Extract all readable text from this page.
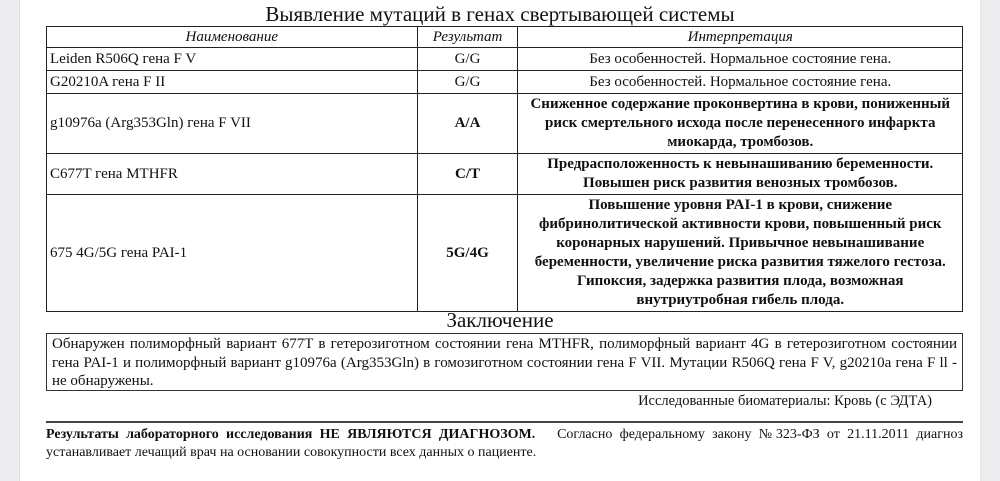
Выявление мутаций в генах свертывающей системы
Наименование	Результат	Интерпретация
Leiden R506Q гена F V	G/G	Без особенностей. Нормальное состояние гена.
G20210A гена F II	G/G	Без особенностей. Нормальное состояние гена.
g10976a (Arg353Gln) гена F VII	A/A	Сниженное содержание проконвертина в крови, пониженный риск смертельного исхода после перенесенного инфаркта миокарда, тромбозов.
C677T гена MTHFR	C/T	Предрасположенность к невынашиванию беременности. Повышен риск развития венозных тромбозов.
675 4G/5G гена PAI-1	5G/4G	Повышение уровня PAI-1 в крови, снижение фибринолитической активности крови, повышенный риск коронарных нарушений. Привычное невынашивание беременности, увеличение риска развития тяжелого гестоза. Гипоксия, задержка развития плода, возможная внутриутробная гибель плода.
Заключение
Обнаружен полиморфный вариант 677T в гетерозиготном состоянии гена MTHFR, полиморфный вариант 4G в гетерозиготном состоянии гена PAI-1 и полиморфный вариант g10976a (Arg353Gln) в гомозиготном состоянии гена F VII. Мутации R506Q гена F V, g20210a гена F ll - не обнаружены.
Исследованные биоматериалы: Кровь (с ЭДТА)
Результаты лабораторного исследования НЕ ЯВЛЯЮТСЯ ДИАГНОЗОМ. Согласно федеральному закону №323-ФЗ от 21.11.2011 диагноз устанавливает лечащий врач на основании совокупности всех данных о пациенте.
